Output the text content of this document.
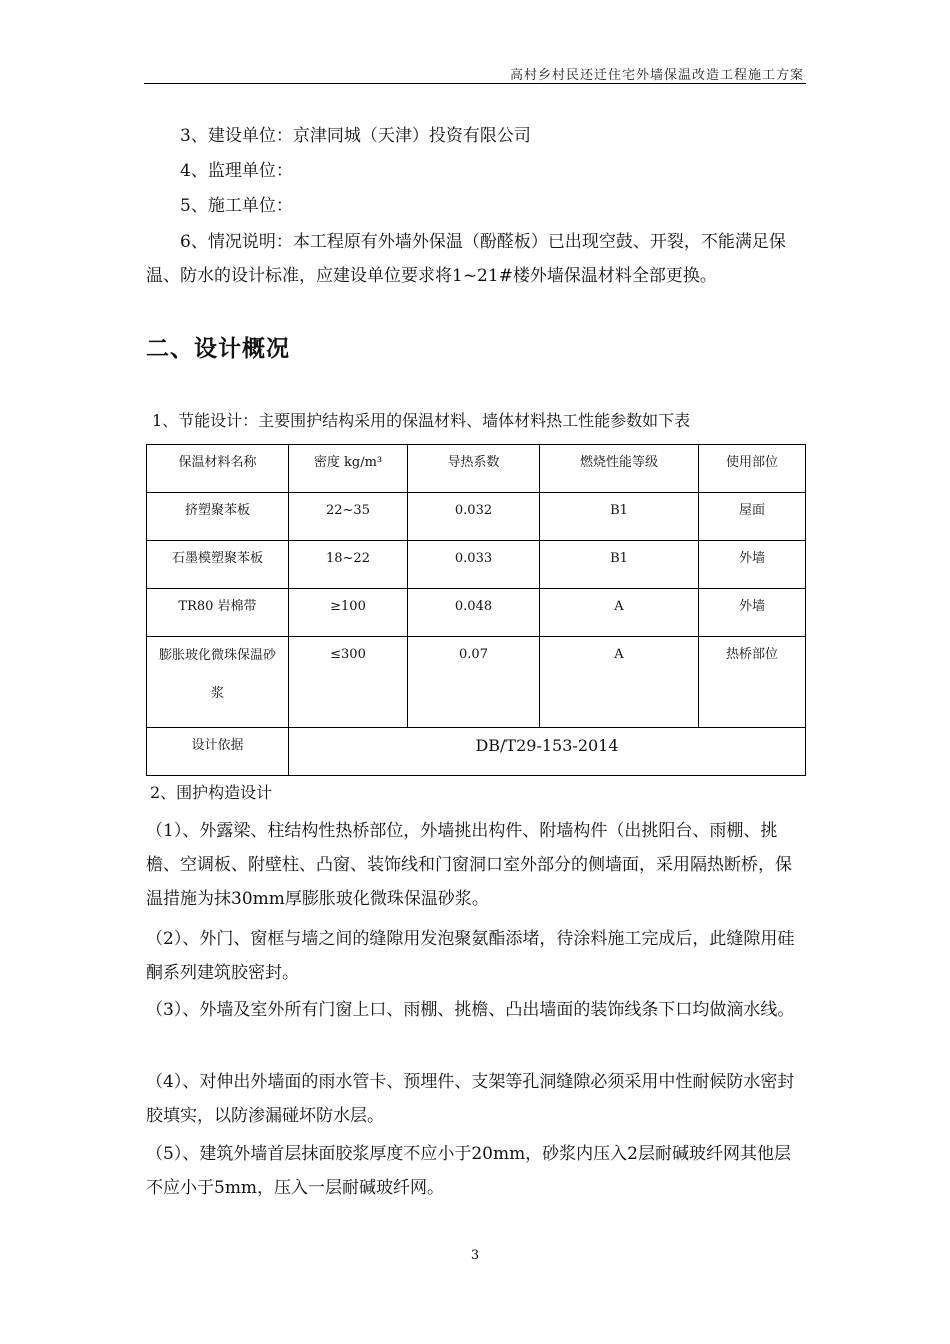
高村乡村民还迁住宅外墙保温改造工程施工方案
3、建设单位：京津同城（天津）投资有限公司
4、监理单位：
5、施工单位：
6、情况说明：本工程原有外墙外保温（酚醛板）已出现空鼓、开裂，不能满足保温、防水的设计标准，应建设单位要求将1~21#楼外墙保温材料全部更换。
二、设计概况
1、节能设计：主要围护结构采用的保温材料、墙体材料热工性能参数如下表
保温材料名称	密度 kg/m³	导热系数	燃烧性能等级	使用部位
挤塑聚苯板	22~35	0.032	B1	屋面
石墨模塑聚苯板	18~22	0.033	B1	外墙
TR80 岩棉带	≥100	0.048	A	外墙
膨胀玻化微珠保温砂浆	≤300	0.07	A	热桥部位
设计依据	DB/T29-153-2014			
2、围护构造设计
（1）、外露梁、柱结构性热桥部位，外墙挑出构件、附墙构件（出挑阳台、雨棚、挑檐、空调板、附壁柱、凸窗、装饰线和门窗洞口室外部分的侧墙面，采用隔热断桥，保温措施为抹30mm厚膨胀玻化微珠保温砂浆。
（2）、外门、窗框与墙之间的缝隙用发泡聚氨酯添堵，待涂料施工完成后，此缝隙用硅酮系列建筑胶密封。
（3）、外墙及室外所有门窗上口、雨棚、挑檐、凸出墙面的装饰线条下口均做滴水线。
（4）、对伸出外墙面的雨水管卡、预埋件、支架等孔洞缝隙必须采用中性耐候防水密封胶填实，以防渗漏碰坏防水层。
（5）、建筑外墙首层抹面胶浆厚度不应小于20mm，砂浆内压入2层耐碱玻纤网其他层不应小于5mm，压入一层耐碱玻纤网。
3
